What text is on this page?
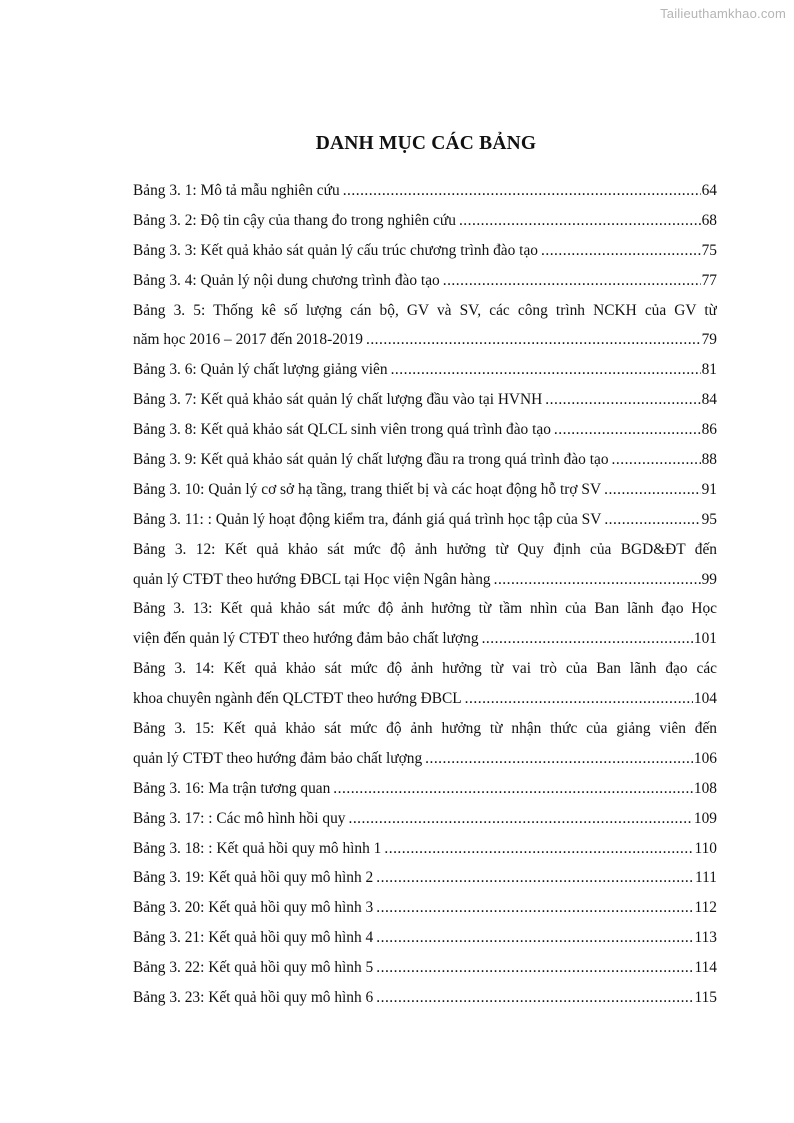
Tailieuthamkhao.com
DANH MỤC CÁC BẢNG
Bảng 3. 1: Mô tả mẫu nghiên cứu .....	64
Bảng 3. 2: Độ tin cậy của thang đo trong nghiên cứu .....	68
Bảng 3. 3: Kết quả khảo sát quản lý cấu trúc chương trình đào tạo .....	75
Bảng 3. 4: Quản lý nội dung chương trình đào tạo .....	77
Bảng 3. 5: Thống kê số lượng cán bộ, GV và SV, các công trình NCKH của GV từ
năm học 2016 – 2017 đến 2018-2019 .....	79
Bảng 3. 6: Quản lý chất lượng giảng viên .....	81
Bảng 3. 7: Kết quả khảo sát quản lý chất lượng đầu vào tại HVNH .....	84
Bảng 3. 8: Kết quả khảo sát QLCL sinh viên trong quá trình đào tạo .....	86
Bảng 3. 9: Kết quả khảo sát quản lý chất lượng đầu ra trong quá trình đào tạo .....	88
Bảng 3. 10: Quản lý cơ sở hạ tầng, trang thiết bị và các hoạt động hỗ trợ SV .....	91
Bảng 3. 11: : Quản lý hoạt động kiểm tra, đánh giá quá trình học tập của SV .....	95
Bảng 3. 12: Kết quả khảo sát mức độ ảnh hưởng từ Quy định của BGD&ĐT đến
quản lý CTĐT theo hướng ĐBCL tại Học viện Ngân hàng .....	99
Bảng 3. 13: Kết quả khảo sát mức độ ảnh hưởng từ tầm nhìn của Ban lãnh đạo Học
viện đến quản lý CTĐT theo hướng đảm bảo chất lượng .....	101
Bảng 3. 14: Kết quả khảo sát mức độ ảnh hưởng từ vai trò của Ban lãnh đạo các
khoa chuyên ngành đến QLCTĐT theo hướng ĐBCL .....	104
Bảng 3. 15: Kết quả khảo sát mức độ ảnh hưởng từ nhận thức của giảng viên đến
quản lý CTĐT theo hướng đảm bảo chất lượng .....	106
Bảng 3. 16: Ma trận tương quan .....	108
Bảng 3. 17: : Các mô hình hồi quy .....	109
Bảng 3. 18: : Kết quả hồi quy mô hình 1 .....	110
Bảng 3. 19: Kết quả hồi quy mô hình 2 .....	111
Bảng 3. 20: Kết quả hồi quy mô hình 3 .....	112
Bảng 3. 21: Kết quả hồi quy mô hình 4 .....	113
Bảng 3. 22: Kết quả hồi quy mô hình 5 .....	114
Bảng 3. 23: Kết quả hồi quy mô hình 6 .....	115
